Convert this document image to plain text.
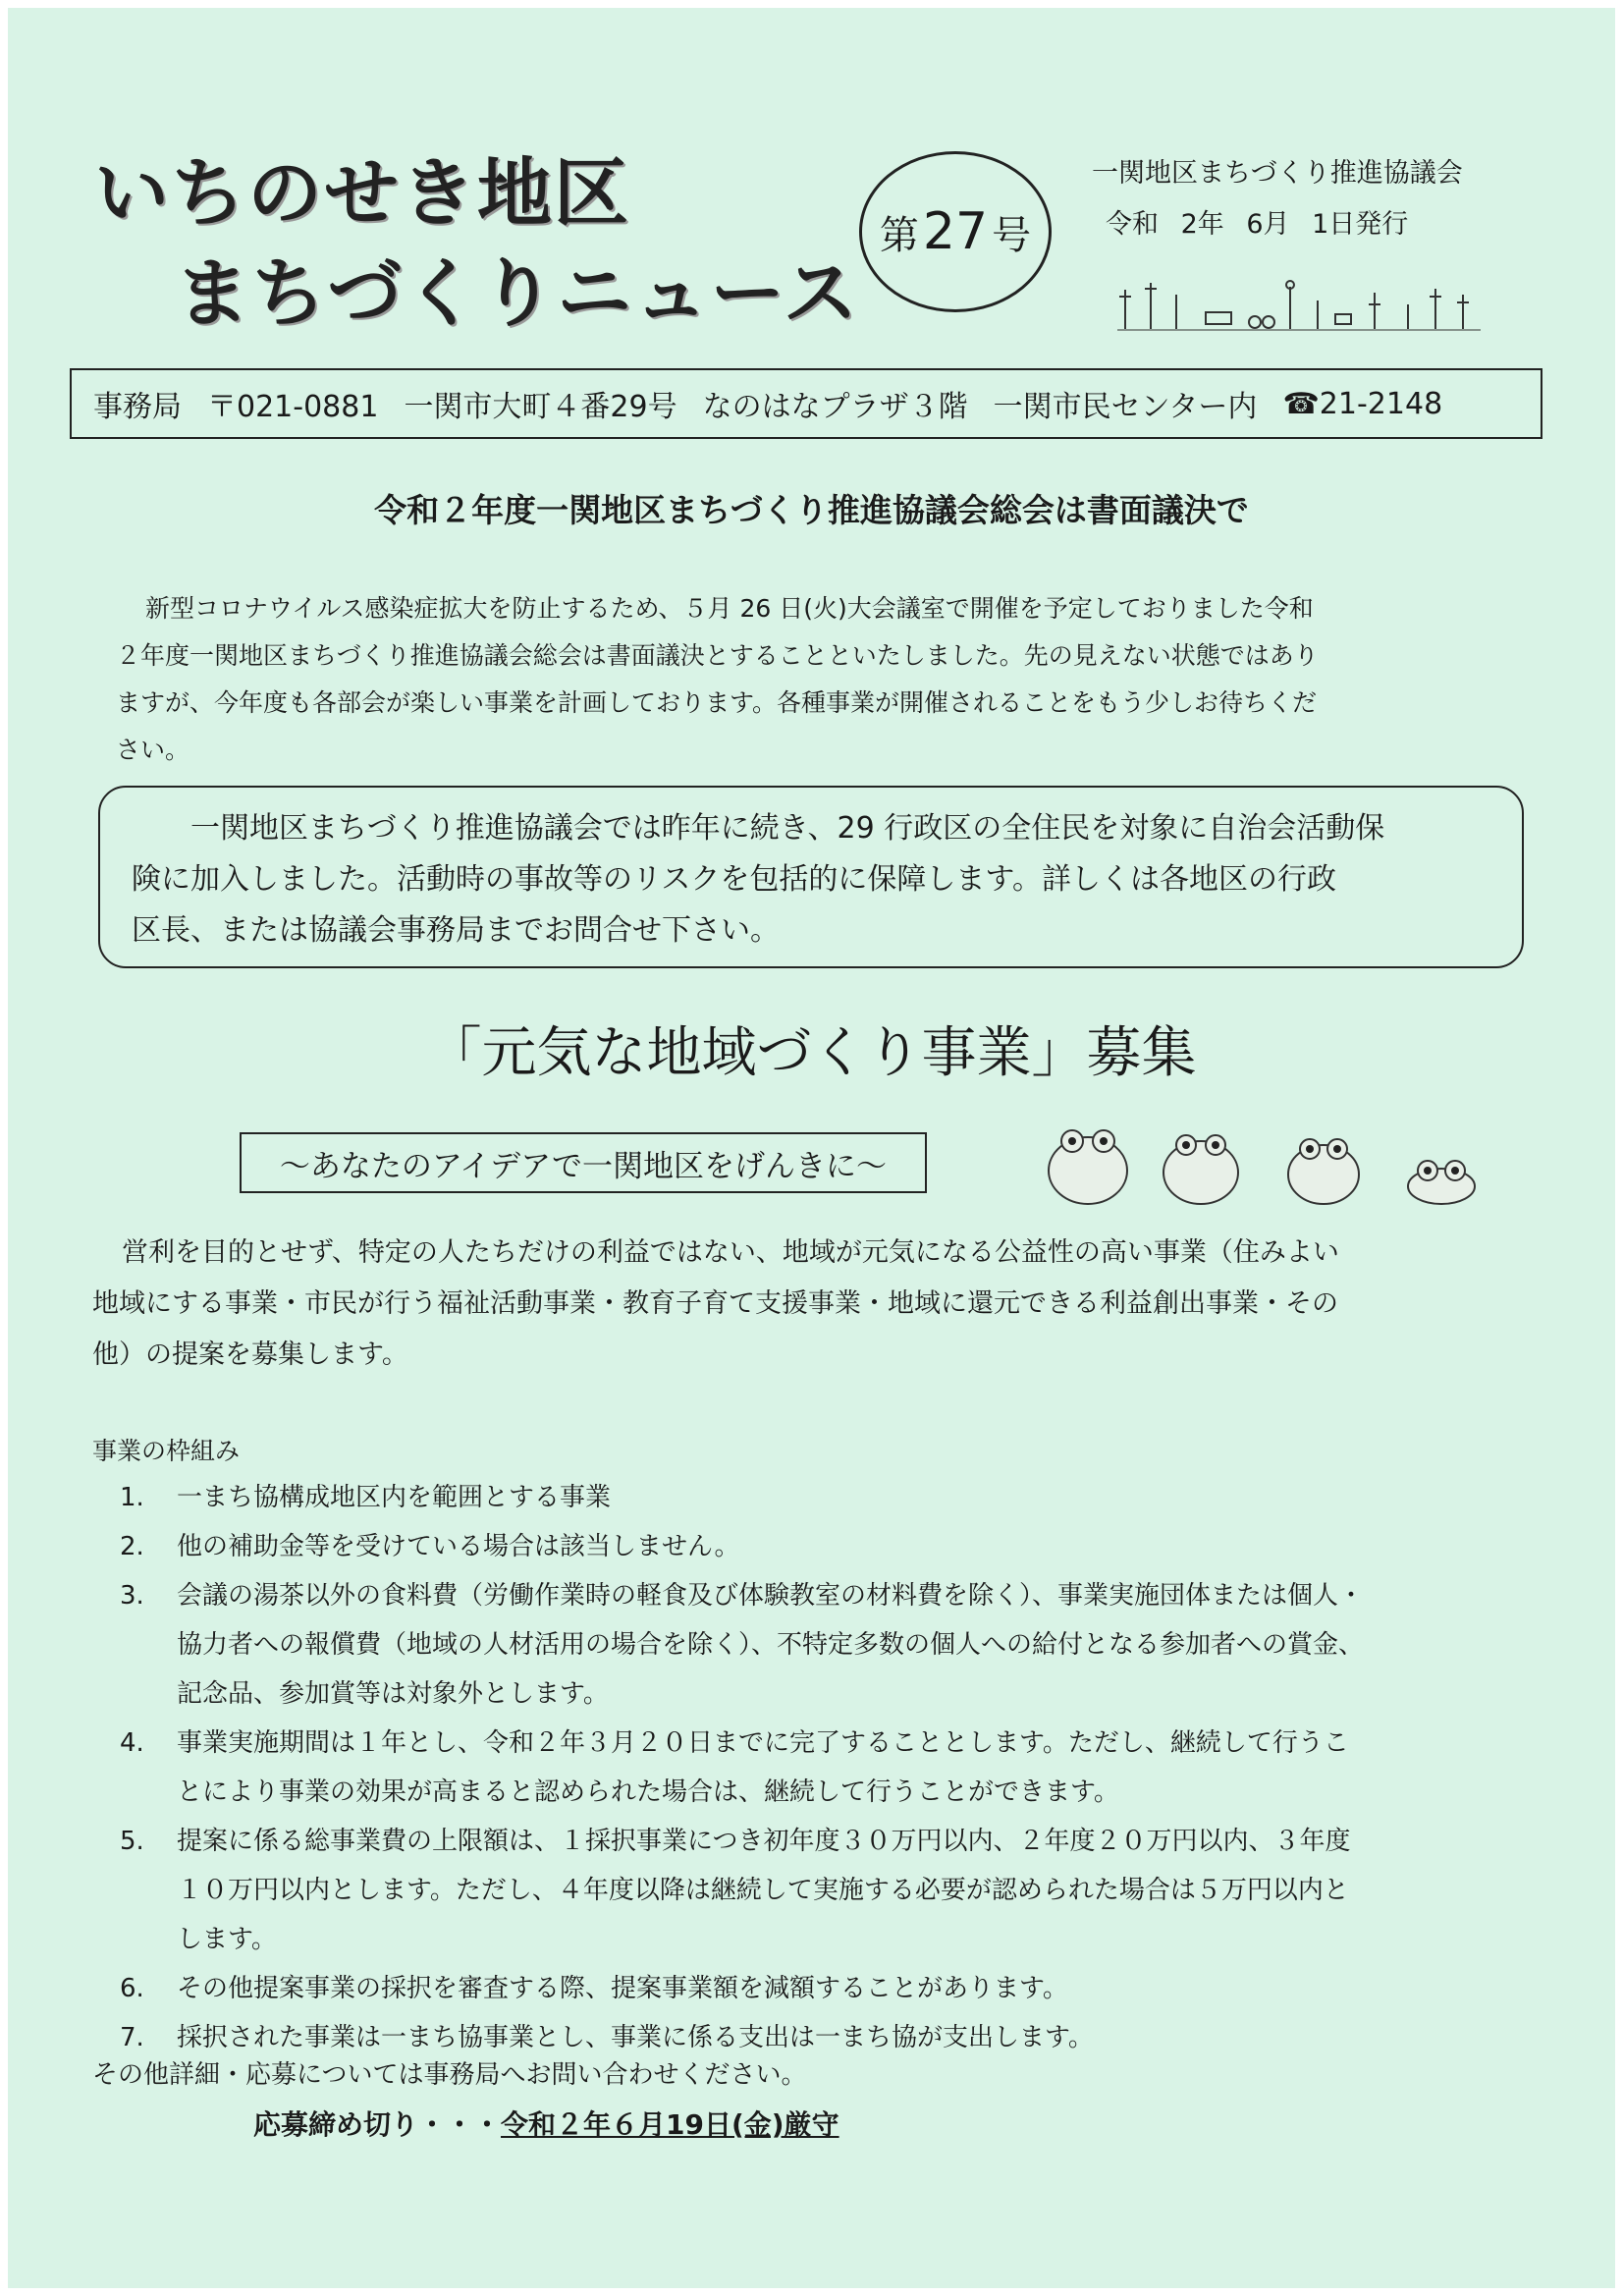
いちのせき地区
まちづくりニュース
第 27 号
一関地区まちづくり推進協議会
令和 2年 6月 1日発行
事務局 〒021-0881 一関市大町４番29号 なのはなプラザ３階 一関市民センター内 ☎21-2148
令和２年度一関地区まちづくり推進協議会総会は書面議決で

新型コロナウイルス感染症拡大を防止するため、５月 26 日(火)大会議室で開催を予定しておりました令和

２年度一関地区まちづくり推進協議会総会は書面議決とすることといたしました。先の見えない状態ではあり

ますが、今年度も各部会が楽しい事業を計画しております。各種事業が開催されることをもう少しお待ちくだ

さい。

一関地区まちづくり推進協議会では昨年に続き、29 行政区の全住民を対象に自治会活動保
険に加入しました。活動時の事故等のリスクを包括的に保障します。詳しくは各地区の行政
区長、または協議会事務局までお問合せ下さい。
「元気な地域づくり事業」募集
～あなたのアイデアで一関地区をげんきに～
営利を目的とせず、特定の人たちだけの利益ではない、地域が元気になる公益性の高い事業（住みよい
地域にする事業・市民が行う福祉活動事業・教育子育て支援事業・地域に還元できる利益創出事業・その
他）の提案を募集します。
事業の枠組み
1.	一まち協構成地区内を範囲とする事業
2.	他の補助金等を受けている場合は該当しません。
3.	会議の湯茶以外の食料費（労働作業時の軽食及び体験教室の材料費を除く）、事業実施団体または個人・
協力者への報償費（地域の人材活用の場合を除く）、不特定多数の個人への給付となる参加者への賞金、
記念品、参加賞等は対象外とします。
4.	事業実施期間は１年とし、令和２年３月２０日までに完了することとします。ただし、継続して行うこ
とにより事業の効果が高まると認められた場合は、継続して行うことができます。
5.	提案に係る総事業費の上限額は、１採択事業につき初年度３０万円以内、２年度２０万円以内、３年度
１０万円以内とします。ただし、４年度以降は継続して実施する必要が認められた場合は５万円以内と
します。
6.	その他提案事業の採択を審査する際、提案事業額を減額することがあります。
7.	採択された事業は一まち協事業とし、事業に係る支出は一まち協が支出します。
その他詳細・応募については事務局へお問い合わせください。
応募締め切り・・・令和２年６月19日(金)厳守
